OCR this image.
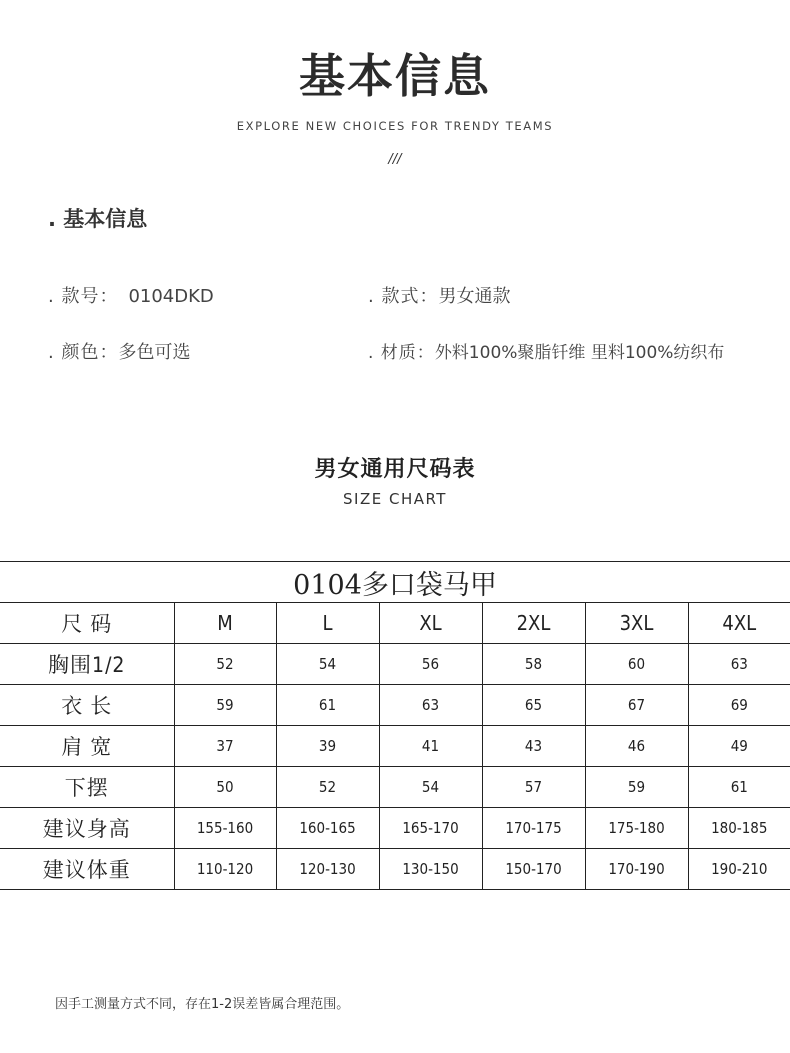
基本信息
EXPLORE NEW CHOICES FOR TRENDY TEAMS
///
. 基本信息
. 款号： 0104DKD	. 款式：男女通款
. 颜色：多色可选	. 材质：外料100%聚脂钎维 里料100%纺织布
男女通用尺码表
SIZE CHART
0104多口袋马甲						
尺 码	M	L	XL	2XL	3XL	4XL
胸围1/2	52	54	56	58	60	63
衣 长	59	61	63	65	67	69
肩 宽	37	39	41	43	46	49
下摆	50	52	54	57	59	61
建议身高	155-160	160-165	165-170	170-175	175-180	180-185
建议体重	110-120	120-130	130-150	150-170	170-190	190-210
因手工测量方式不同，存在1-2误差皆属合理范围。
